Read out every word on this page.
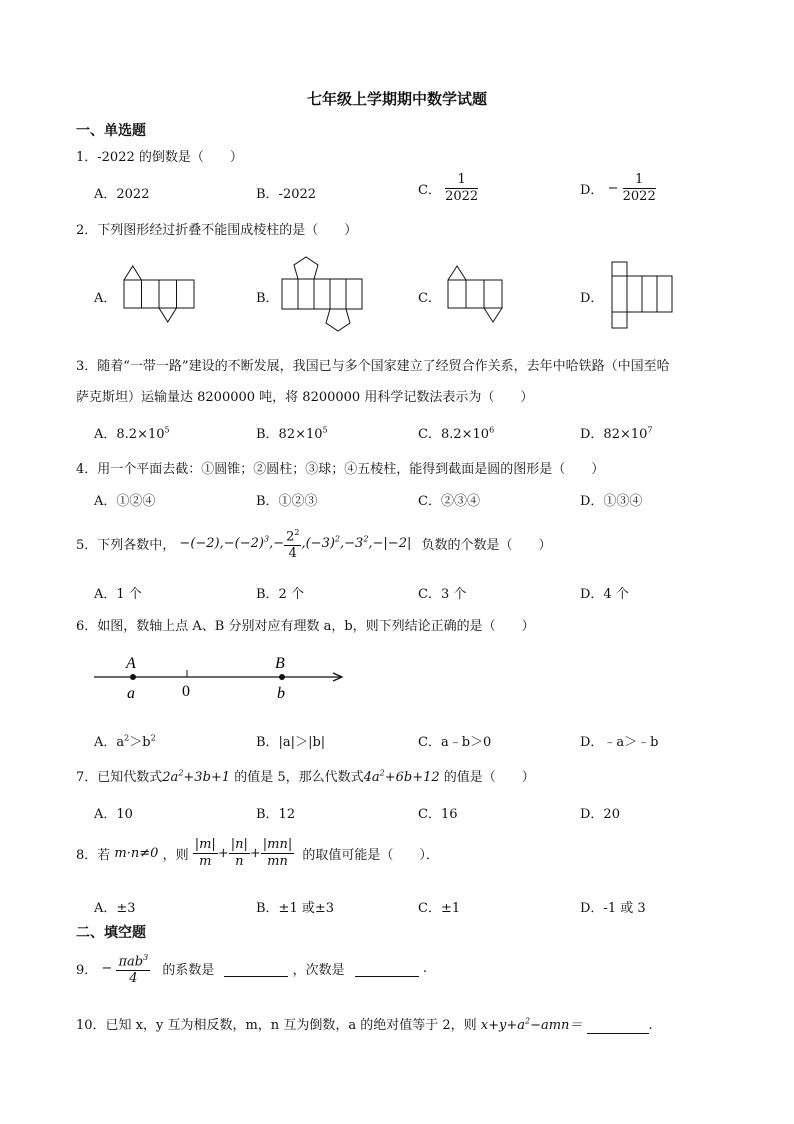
七年级上学期期中数学试题
一、单选题
1．-2022 的倒数是（　　）
A．2022	B．-2022	C． $\frac{1}{2022}$	D． − $\frac{1}{2022}$
2．下列图形经过折叠不能围成棱柱的是（　　）
A．	B．	C．	D．
3．随着“一带一路”建设的不断发展，我国已与多个国家建立了经贸合作关系，去年中哈铁路（中国至哈
萨克斯坦）运输量达 8200000 吨，将 8200000 用科学记数法表示为（　　）
A．$8.2\times 10^5$	B．$82\times 10^5$	C．$8.2\times 10^6$	D．$82\times 10^7$
4．用一个平面去截：①圆锥；②圆柱；③球；④五棱柱，能得到截面是圆的图形是（　　）
A．①②④	B．①②③	C．②③④	D．①③④
5．下列各数中， $-(-2),-(-2)^3,- \frac{2^2}{4} ,(-3)^2,-3^2,-|-2|$ 负数的个数是（　　）
A．1 个	B．2 个	C．3 个	D．4 个
6．如图，数轴上点 A、B 分别对应有理数 a，b，则下列结论正确的是（　　）
A
a	0
B
b
A．$a^2>b^2$	B．|a|＞|b|	C．a﹣b＞0	D．﹣a＞﹣b
7．已知代数式$2a^2+3b+1$ 的值是 5，那么代数式$4a^2+6b+12$ 的值是（　　）
A．10	B．12	C．16	D．20
8．若 m·n≠0 ，则 $\frac{|m|}{m} + \frac{|n|}{n} + \frac{|mn|}{mn}$ 的取值可能是（　　）．
A．±3	B．±1 或±3	C．±1	D．-1 或 3
二、填空题
9． − $\frac{\pi ab^3}{4}$ 的系数是	，次数是	.
10．已知 x，y 互为相反数，m，n 互为倒数，a 的绝对值等于 2，则 $x+y+a^2-amn=$	.
